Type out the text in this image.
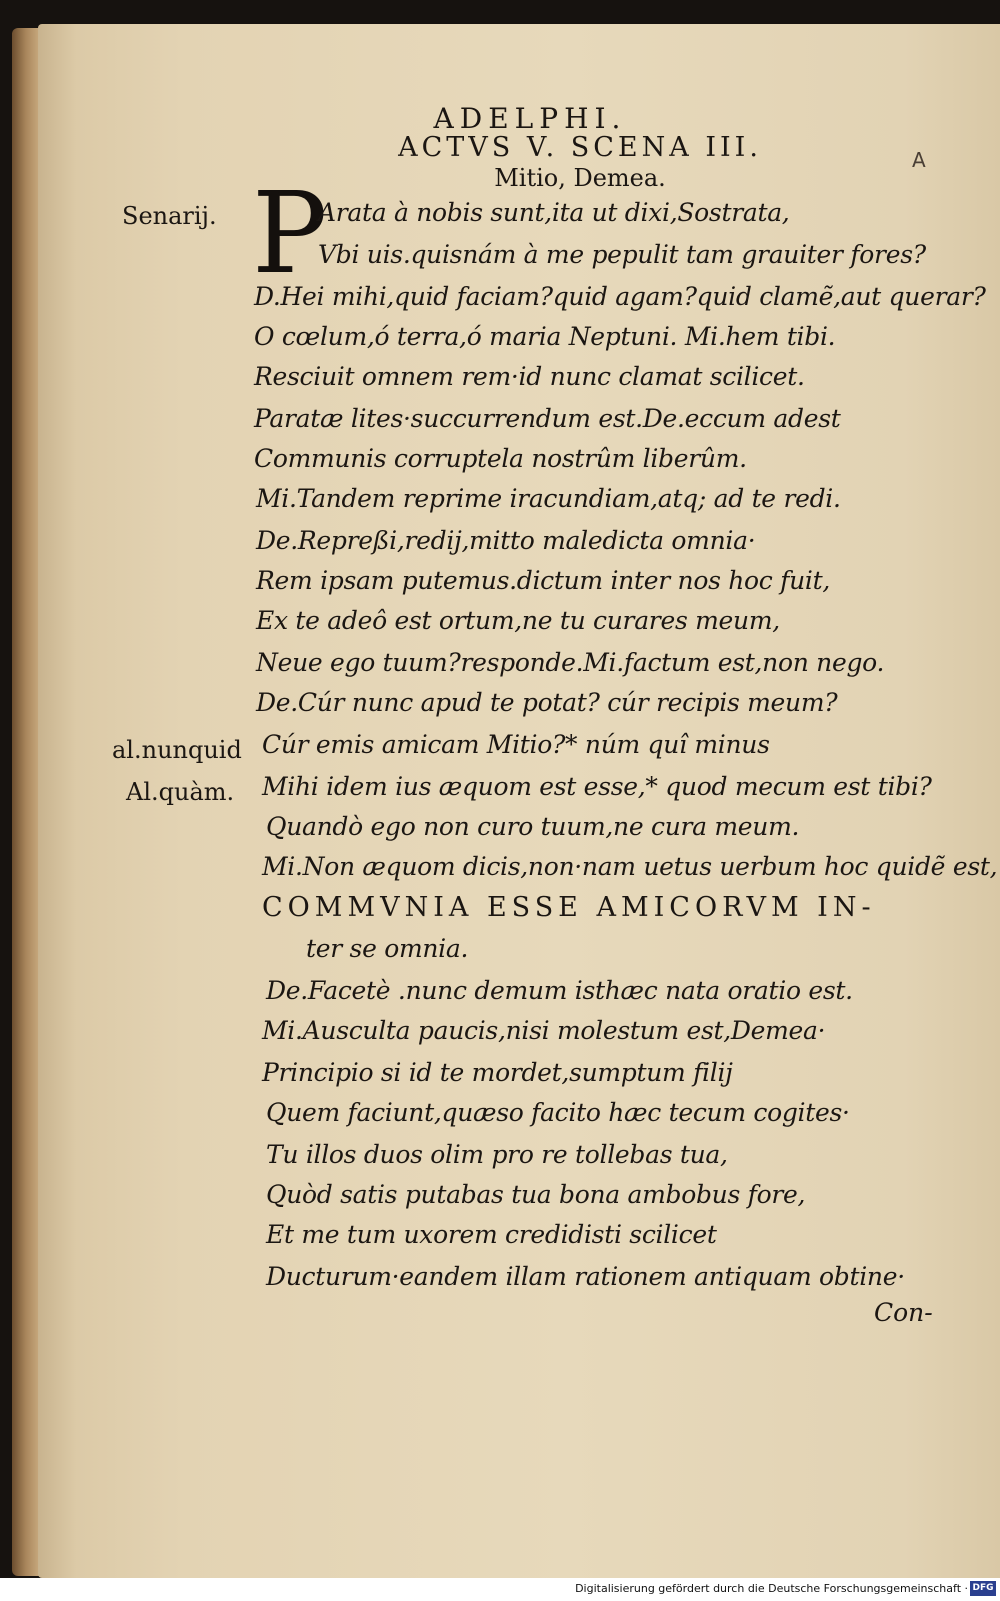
ADELPHI.
ACTVS V. SCENA III.
Mitio, Demea.
A
Senarij.
al.nunquid
Al.quàm.
P
Arata à nobis sunt,ita ut dixi,Sostrata,
Vbi uis.quisnám à me pepulit tam grauiter fores?
D.Hei mihi,quid faciam?quid agam?quid clamẽ,aut querar?
O cœlum,ó terra,ó maria Neptuni. Mi.hem tibi.
Resciuit omnem rem·id nunc clamat scilicet.
Paratæ lites·succurrendum est.De.eccum adest
Communis corruptela nostrûm liberûm.
Mi.Tandem reprime iracundiam,atq; ad te redi.
De.Repreßi,redij,mitto maledicta omnia·
Rem ipsam putemus.dictum inter nos hoc fuit,
Ex te adeô est ortum,ne tu curares meum,
Neue ego tuum?responde.Mi.factum est,non nego.
De.Cúr nunc apud te potat? cúr recipis meum?
Cúr emis amicam Mitio?* núm quî minus
Mihi idem ius æquom est esse,* quod mecum est tibi?
Quandò ego non curo tuum,ne cura meum.
Mi.Non æquom dicis,non·nam uetus uerbum hoc quidẽ est,
COMMVNIA ESSE AMICORVM IN-
ter se omnia.
De.Facetè .nunc demum isthæc nata oratio est.
Mi.Ausculta paucis,nisi molestum est,Demea·
Principio si id te mordet,sumptum filij
Quem faciunt,quæso facito hæc tecum cogites·
Tu illos duos olim pro re tollebas tua,
Quòd satis putabas tua bona ambobus fore,
Et me tum uxorem credidisti scilicet
Ducturum·eandem illam rationem antiquam obtine·
Con-
Digitalisierung gefördert durch die Deutsche Forschungsgemeinschaft · DFG
